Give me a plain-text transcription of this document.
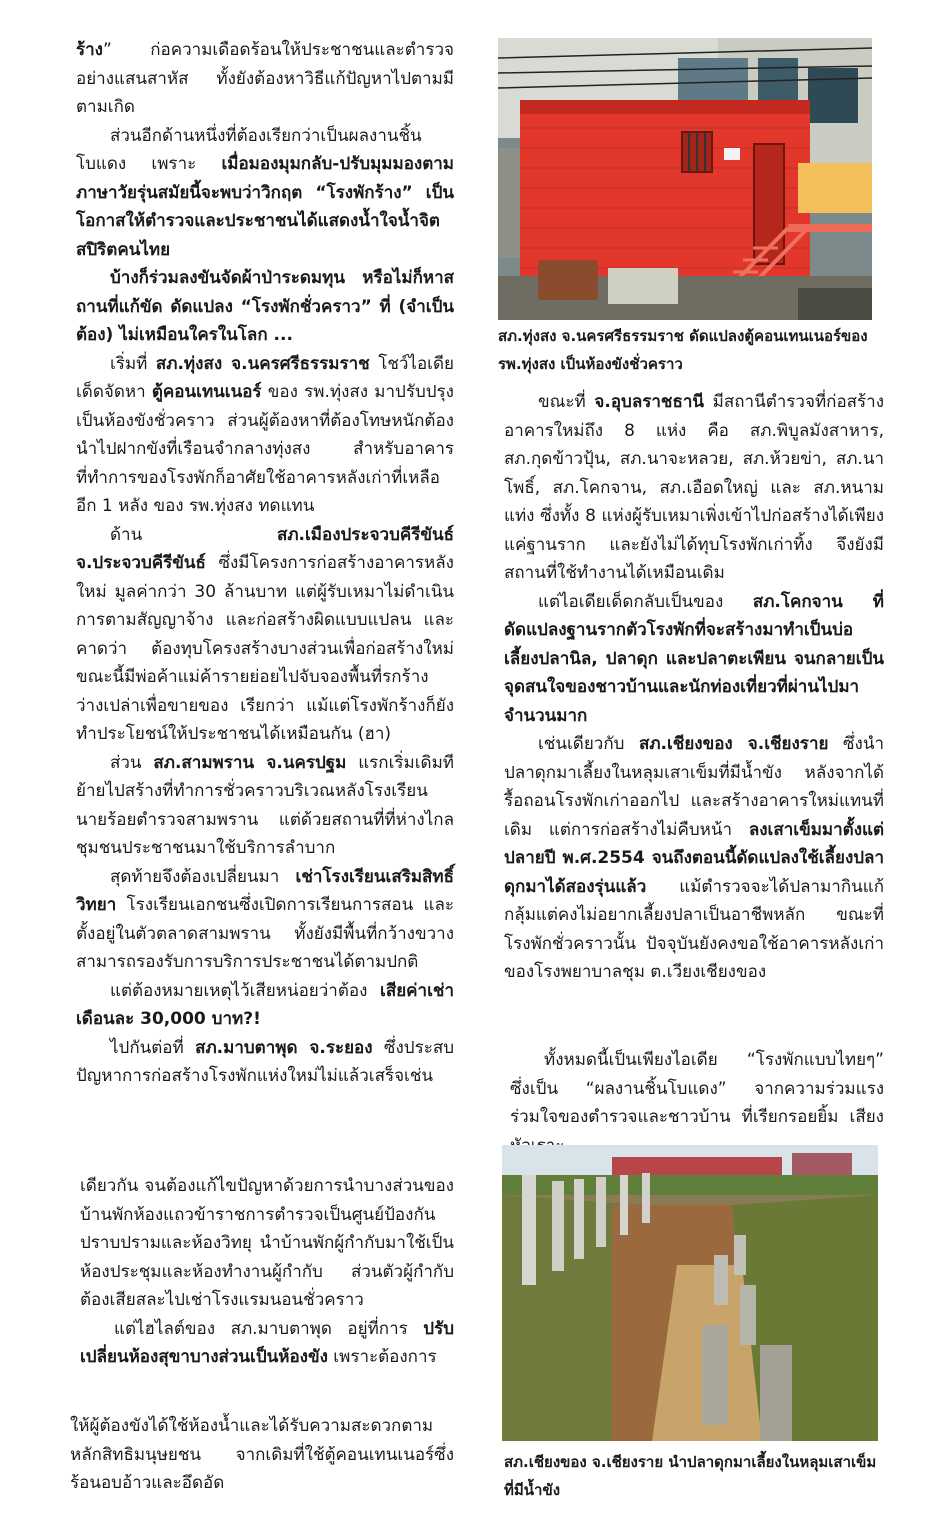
ร้าง” ก่อความเดือดร้อนให้ประชาชนและตำรวจอย่างแสนสาหัส ทั้งยังต้องหาวิธีแก้ปัญหาไปตามมีตามเกิด

ส่วนอีกด้านหนึ่งที่ต้องเรียกว่าเป็นผลงานชิ้นโบแดง เพราะ เมื่อมองมุมกลับ-ปรับมุมมองตามภาษาวัยรุ่นสมัยนี้จะพบว่าวิกฤต “โรงพักร้าง” เป็นโอกาสให้ตำรวจและประชาชนได้แสดงน้ำใจน้ำจิต สปิริตคนไทย

บ้างก็ร่วมลงขันจัดผ้าป่าระดมทุน หรือไม่ก็หาสถานที่แก้ขัด ดัดแปลง “โรงพักชั่วคราว” ที่ (จำเป็นต้อง) ไม่เหมือนใครในโลก ...

เริ่มที่ สภ.ทุ่งสง จ.นครศรีธรรมราช โชว์ไอเดียเด็ดจัดหา ตู้คอนเทนเนอร์ ของ รพ.ทุ่งสง มาปรับปรุงเป็นห้องขังชั่วคราว ส่วนผู้ต้องหาที่ต้องโทษหนักต้องนำไปฝากขังที่เรือนจำกลางทุ่งสง สำหรับอาคารที่ทำการของโรงพักก็อาศัยใช้อาคารหลังเก่าที่เหลืออีก 1 หลัง ของ รพ.ทุ่งสง ทดแทน

ด้าน สภ.เมืองประจวบคีรีขันธ์ จ.ประจวบคีรีขันธ์ ซึ่งมีโครงการก่อสร้างอาคารหลังใหม่ มูลค่ากว่า 30 ล้านบาท แต่ผู้รับเหมาไม่ดำเนินการตามสัญญาจ้าง และก่อสร้างผิดแบบแปลน และคาดว่า ต้องทุบโครงสร้างบางส่วนเพื่อก่อสร้างใหม่ ขณะนี้มีพ่อค้าแม่ค้ารายย่อยไปจับจองพื้นที่รกร้างว่างเปล่าเพื่อขายของ เรียกว่า แม้แต่โรงพักร้างก็ยังทำประโยชน์ให้ประชาชนได้เหมือนกัน (ฮา)

ส่วน สภ.สามพราน จ.นครปฐม แรกเริ่มเดิมที ย้ายไปสร้างที่ทำการชั่วคราวบริเวณหลังโรงเรียนนายร้อยตำรวจสามพราน แต่ด้วยสถานที่ที่ห่างไกลชุมชนประชาชนมาใช้บริการลำบาก

สุดท้ายจึงต้องเปลี่ยนมา เช่าโรงเรียนเสริมสิทธิ์วิทยา โรงเรียนเอกชนซึ่งเปิดการเรียนการสอน และตั้งอยู่ในตัวตลาดสามพราน ทั้งยังมีพื้นที่กว้างขวาง สามารถรองรับการบริการประชาชนได้ตามปกติ

แต่ต้องหมายเหตุไว้เสียหน่อยว่าต้อง เสียค่าเช่าเดือนละ 30,000 บาท?!

ไปกันต่อที่ สภ.มาบตาพุด จ.ระยอง ซึ่งประสบปัญหาการก่อสร้างโรงพักแห่งใหม่ไม่แล้วเสร็จเช่น

เดียวกัน จนต้องแก้ไขปัญหาด้วยการนำบางส่วนของบ้านพักห้องแถวข้าราชการตำรวจเป็นศูนย์ป้องกันปราบปรามและห้องวิทยุ นำบ้านพักผู้กำกับมาใช้เป็นห้องประชุมและห้องทำงานผู้กำกับ ส่วนตัวผู้กำกับต้องเสียสละไปเช่าโรงแรมนอนชั่วคราว

แต่ไฮไลต์ของ สภ.มาบตาพุด อยู่ที่การ ปรับเปลี่ยนห้องสุขาบางส่วนเป็นห้องขัง เพราะต้องการ

ให้ผู้ต้องขังได้ใช้ห้องน้ำและได้รับความสะดวกตามหลักสิทธิมนุษยชน จากเดิมที่ใช้ตู้คอนเทนเนอร์ซึ่งร้อนอบอ้าวและอึดอัด

สภ.ทุ่งสง จ.นครศรีธรรมราช ดัดแปลงตู้คอนเทนเนอร์ของ รพ.ทุ่งสง เป็นห้องขังชั่วคราว

ขณะที่ จ.อุบลราชธานี มีสถานีตำรวจที่ก่อสร้างอาคารใหม่ถึง 8 แห่ง คือ สภ.พิบูลมังสาหาร, สภ.กุดข้าวปุ้น, สภ.นาจะหลวย, สภ.ห้วยข่า, สภ.นาโพธิ์, สภ.โคกจาน, สภ.เอือดใหญ่ และ สภ.หนามแท่ง ซึ่งทั้ง 8 แห่งผู้รับเหมาเพิ่งเข้าไปก่อสร้างได้เพียงแค่ฐานราก และยังไม่ได้ทุบโรงพักเก่าทิ้ง จึงยังมีสถานที่ใช้ทำงานได้เหมือนเดิม

แต่ไอเดียเด็ดกลับเป็นของ สภ.โคกจาน ที่ดัดแปลงฐานรากตัวโรงพักที่จะสร้างมาทำเป็นบ่อเลี้ยงปลานิล, ปลาดุก และปลาตะเพียน จนกลายเป็นจุดสนใจของชาวบ้านและนักท่องเที่ยวที่ผ่านไปมาจำนวนมาก

เช่นเดียวกับ สภ.เชียงของ จ.เชียงราย ซึ่งนำปลาดุกมาเลี้ยงในหลุมเสาเข็มที่มีน้ำขัง หลังจากได้รื้อถอนโรงพักเก่าออกไป และสร้างอาคารใหม่แทนที่เดิม แต่การก่อสร้างไม่คืบหน้า ลงเสาเข็มมาตั้งแต่ปลายปี พ.ศ.2554 จนถึงตอนนี้ดัดแปลงใช้เลี้ยงปลาดุกมาได้สองรุ่นแล้ว แม้ตำรวจจะได้ปลามากินแก้กลุ้มแต่คงไม่อยากเลี้ยงปลาเป็นอาชีพหลัก ขณะที่โรงพักชั่วคราวนั้น ปัจจุบันยังคงขอใช้อาคารหลังเก่าของโรงพยาบาลชุม ต.เวียงเชียงของ

ทั้งหมดนี้เป็นเพียงไอเดีย “โรงพักแบบไทยๆ” ซึ่งเป็น “ผลงานชิ้นโบแดง” จากความร่วมแรงร่วมใจของตำรวจและชาวบ้าน ที่เรียกรอยยิ้ม เสียง

สภ.เชียงของ จ.เชียงราย นำปลาดุกมาเลี้ยงในหลุมเสาเข็มที่มีน้ำขัง
